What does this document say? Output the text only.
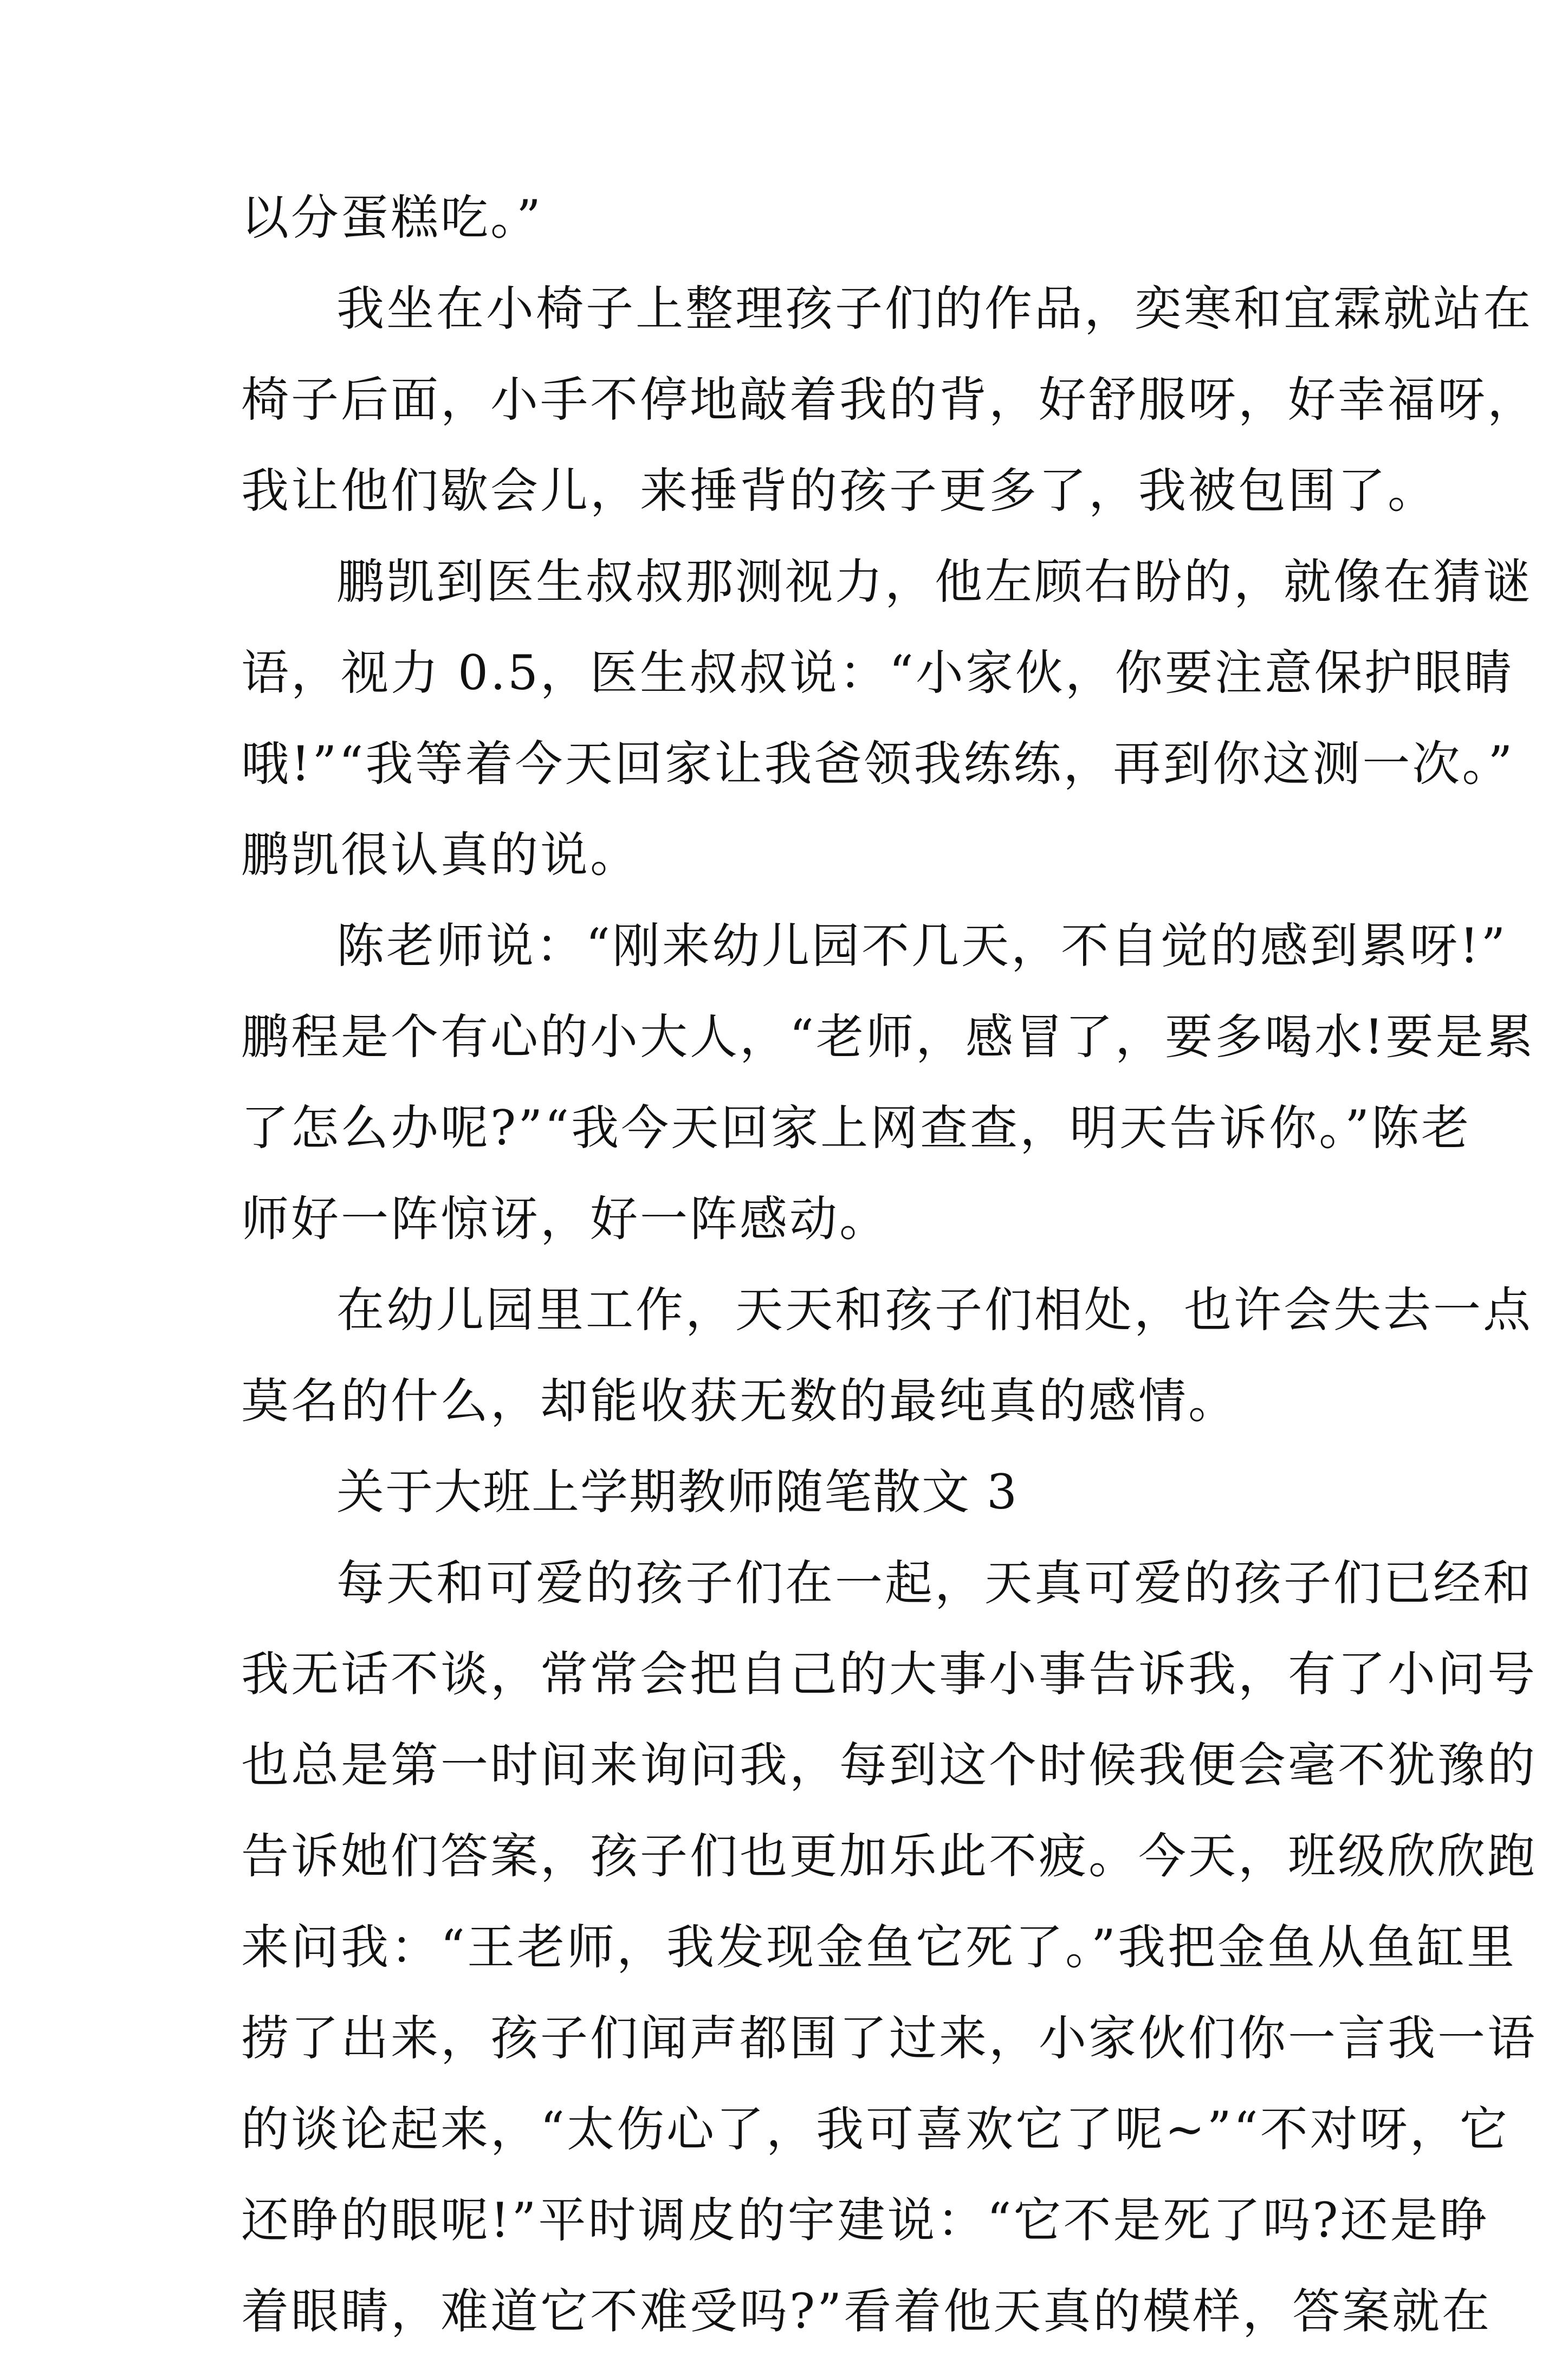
以分蛋糕吃。”
我坐在小椅子上整理孩子们的作品，奕寒和宜霖就站在
椅子后面，小手不停地敲着我的背，好舒服呀，好幸福呀，
我让他们歇会儿，来捶背的孩子更多了，我被包围了。
鹏凯到医生叔叔那测视力，他左顾右盼的，就像在猜谜
语，视力 0.5，医生叔叔说：“小家伙，你要注意保护眼睛
哦!”“我等着今天回家让我爸领我练练，再到你这测一次。”
鹏凯很认真的说。
陈老师说：“刚来幼儿园不几天，不自觉的感到累呀!”
鹏程是个有心的小大人，“老师，感冒了，要多喝水!要是累
了怎么办呢?”“我今天回家上网查查，明天告诉你。”陈老
师好一阵惊讶，好一阵感动。
在幼儿园里工作，天天和孩子们相处，也许会失去一点
莫名的什么，却能收获无数的最纯真的感情。
关于大班上学期教师随笔散文 3
每天和可爱的孩子们在一起，天真可爱的孩子们已经和
我无话不谈，常常会把自己的大事小事告诉我，有了小问号
也总是第一时间来询问我，每到这个时候我便会毫不犹豫的
告诉她们答案，孩子们也更加乐此不疲。今天，班级欣欣跑
来问我：“王老师，我发现金鱼它死了。”我把金鱼从鱼缸里
捞了出来，孩子们闻声都围了过来，小家伙们你一言我一语
的谈论起来，“太伤心了，我可喜欢它了呢~”“不对呀，它
还睁的眼呢!”平时调皮的宇建说：“它不是死了吗?还是睁
着眼睛，难道它不难受吗?”看着他天真的模样，答案就在
